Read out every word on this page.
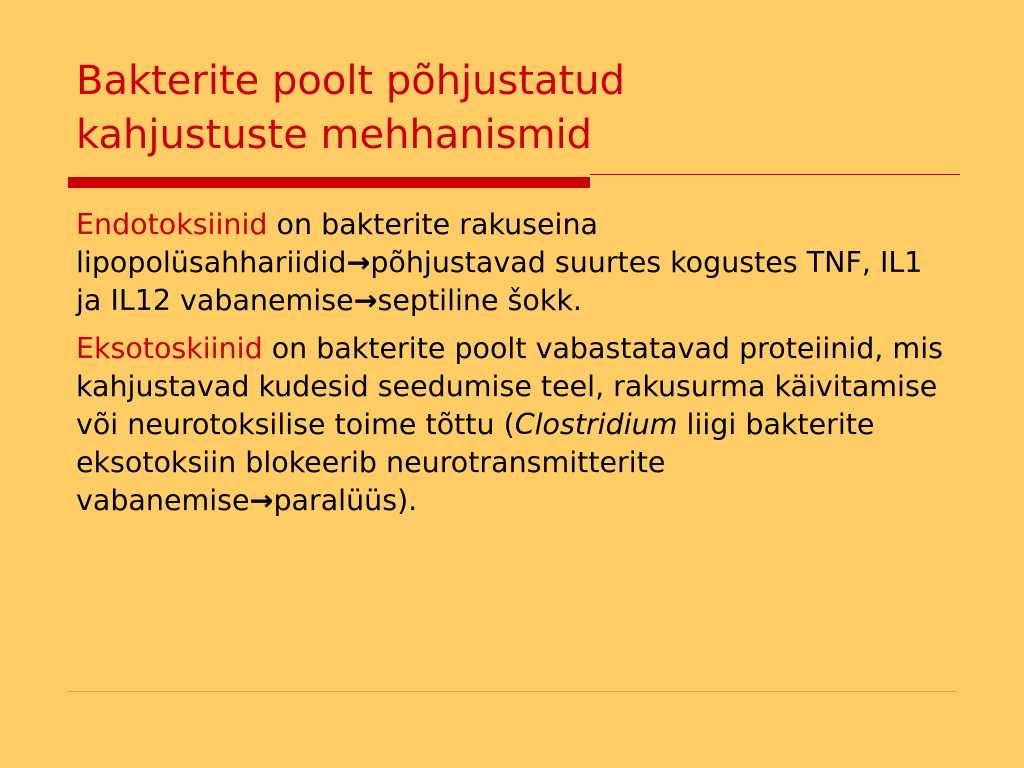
Bakterite poolt põhjustatud
kahjustuste mehhanismid

Endotoksiinid on bakterite rakuseina lipopolüsahhariidid→põhjustavad suurtes kogustes TNF, IL1 ja IL12 vabanemise→septiline šokk.

Eksotoskiinid on bakterite poolt vabastatavad proteiinid, mis kahjustavad kudesid seedumise teel, rakusurma käivitamise või neurotoksilise toime tõttu (Clostridium liigi bakterite eksotoksiin blokeerib neurotransmitterite vabanemise→paralüüs).
